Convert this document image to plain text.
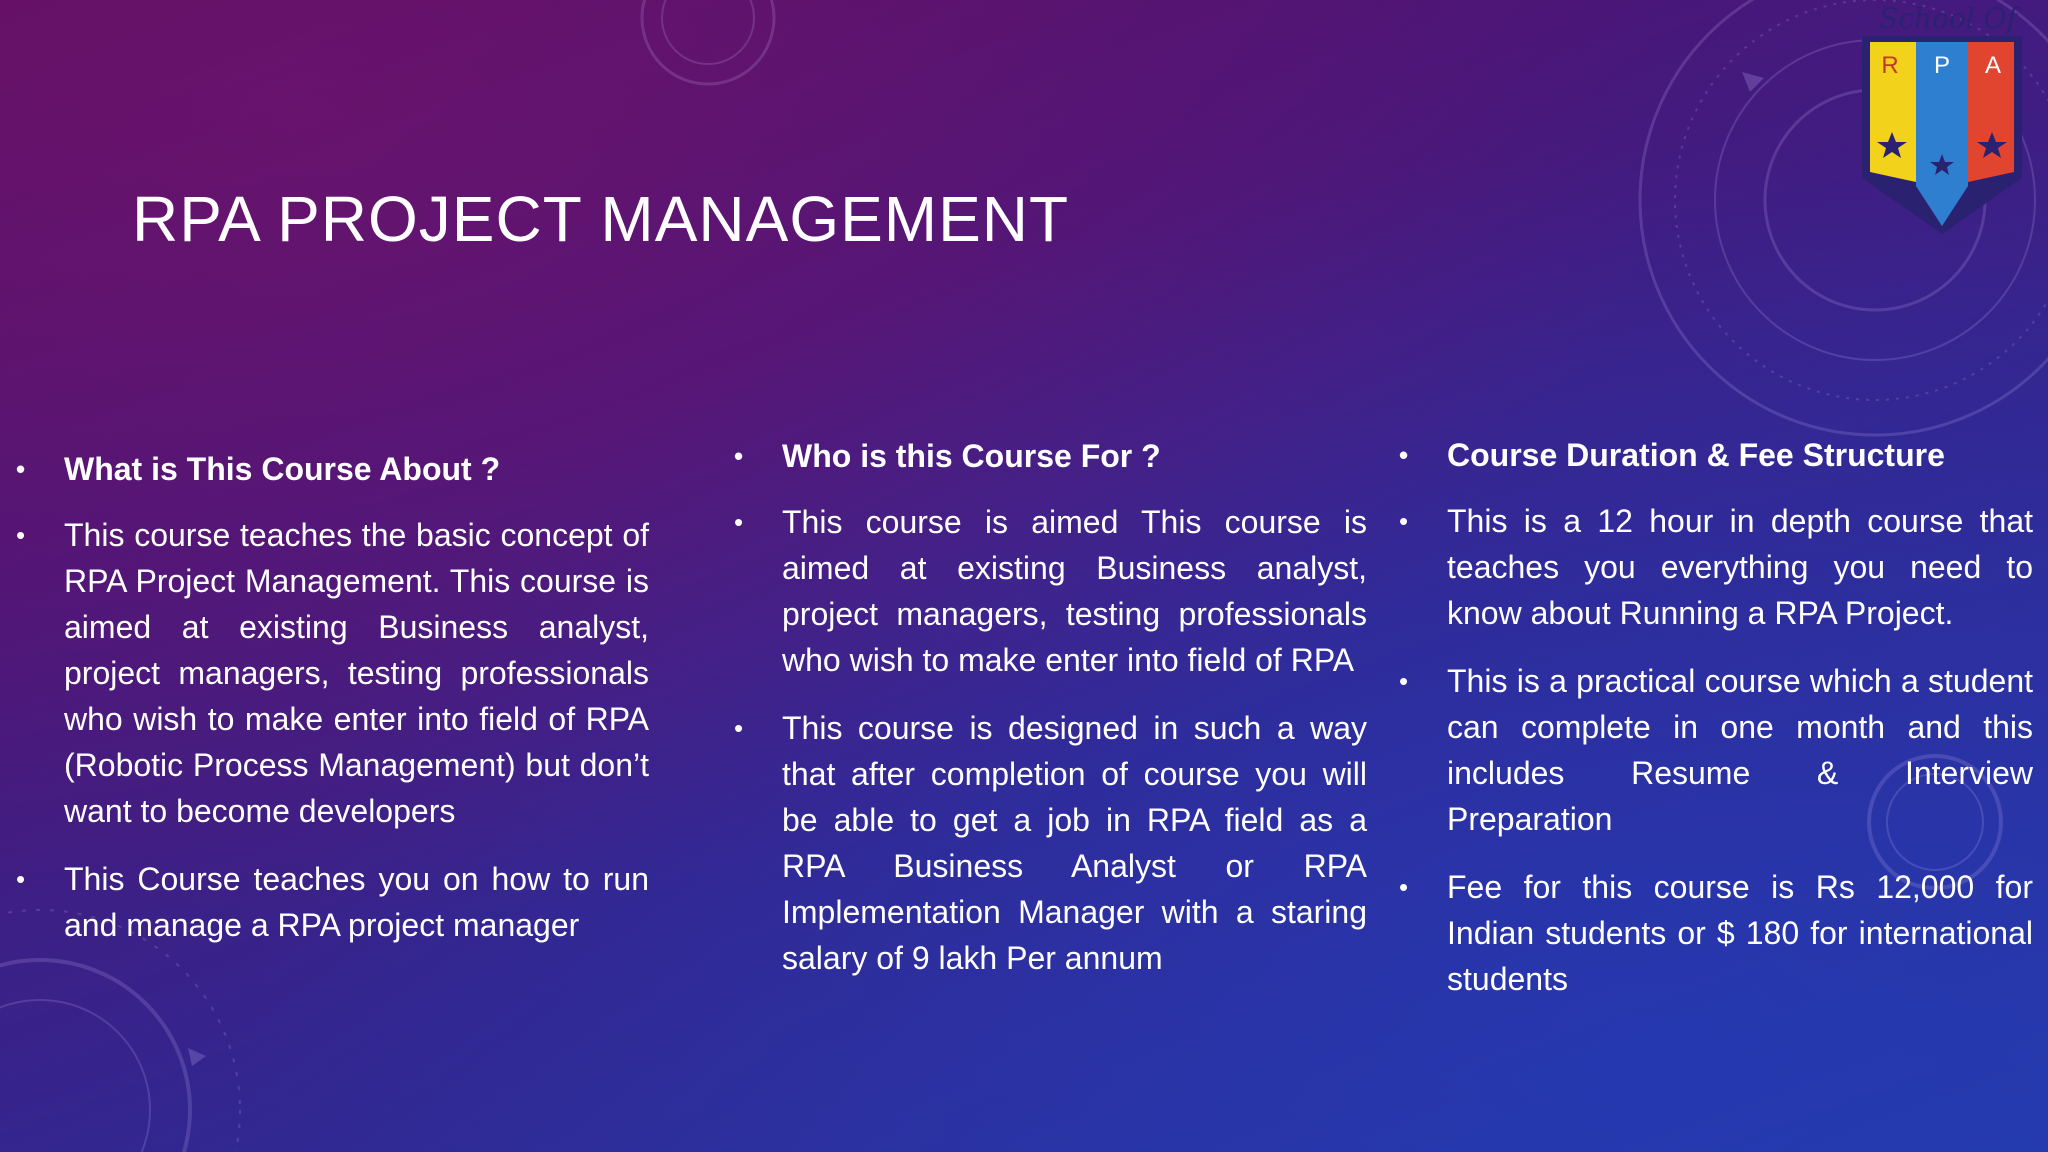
School Of
R	P	A
RPA PROJECT MANAGEMENT
• What is This Course About ?
• This course teaches the basic concept of RPA Project Management. This course is aimed at existing Business analyst, project managers, testing professionals who wish to make enter into field of RPA (Robotic Process Management) but don’t want to become developers
• This Course teaches you on how to run and manage a RPA project manager
• Who is this Course For ?
• This course is aimed This course is aimed at existing Business analyst, project managers, testing professionals who wish to make enter into field of RPA
• This course is designed in such a way that after completion of course you will be able to get a job in RPA field as a RPA Business Analyst or RPA Implementation Manager with a staring salary of 9 lakh Per annum
• Course Duration & Fee Structure
• This is a 12 hour in depth course that teaches you everything you need to know about Running a RPA Project.
• This is a practical course which a student can complete in one month and this includes Resume & Interview Preparation
• Fee for this course is Rs 12,000 for Indian students or $ 180 for international students
